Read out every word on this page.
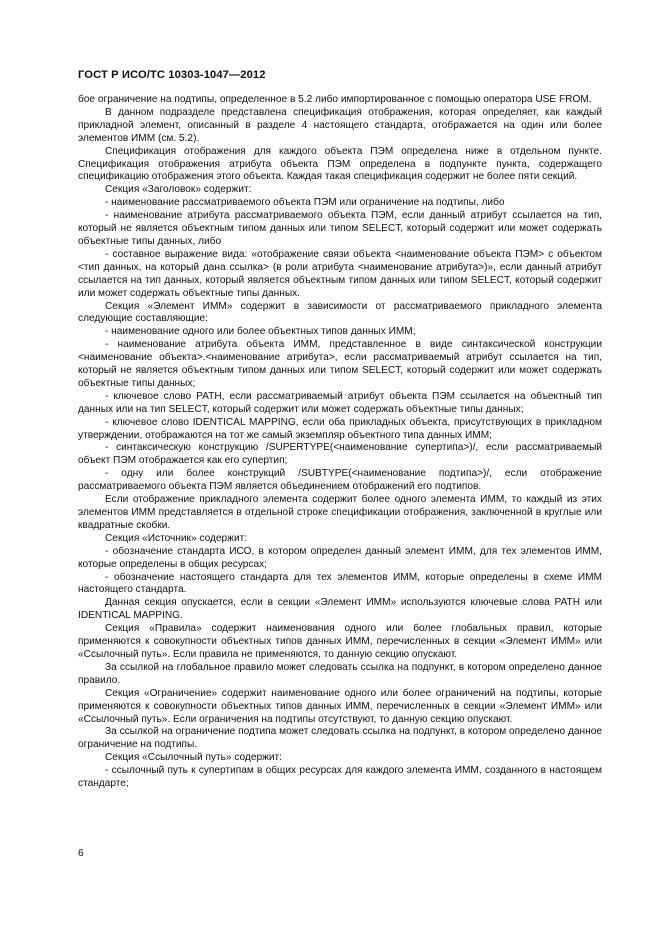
ГОСТ Р ИСО/ТС 10303-1047—2012

бое ограничение на подтипы, определенное в 5.2 либо импортированное с помощью оператора USE FROM.

В данном подразделе представлена спецификация отображения, которая определяет, как каждый прикладной элемент, описанный в разделе 4 настоящего стандарта, отображается на один или более элементов ИММ (см. 5.2).

Спецификация отображения для каждого объекта ПЭМ определена ниже в отдельном пункте. Спецификация отображения атрибута объекта ПЭМ определена в подпункте пункта, содержащего спецификацию отображения этого объекта. Каждая такая спецификация содержит не более пяти секций.

Секция «Заголовок» содержит:

- наименование рассматриваемого объекта ПЭМ или ограничение на подтипы, либо

- наименование атрибута рассматриваемого объекта ПЭМ, если данный атрибут ссылается на тип, который не является объектным типом данных или типом SELECT, который содержит или может содержать объектные типы данных, либо

- составное выражение вида: «отображение связи объекта <наименование объекта ПЭМ> с объектом <тип данных, на который дана ссылка> (в роли атрибута <наименование атрибута>)», если данный атрибут ссылается на тип данных, который является объектным типом данных или типом SELECT, который содержит или может содержать объектные типы данных.

Секция «Элемент ИММ» содержит в зависимости от рассматриваемого прикладного элемента следующие составляющие:

- наименование одного или более объектных типов данных ИММ;

- наименование атрибута объекта ИММ, представленное в виде синтаксической конструкции <наименование объекта>.<наименование атрибута>, если рассматриваемый атрибут ссылается на тип, который не является объектным типом данных или типом SELECT, который содержит или может содержать объектные типы данных;

- ключевое слово PATH, если рассматриваемый атрибут объекта ПЭМ ссылается на объектный тип данных или на тип SELECT, который содержит или может содержать объектные типы данных;

- ключевое слово IDENTICAL MAPPING, если оба прикладных объекта, присутствующих в прикладном утверждении, отображаются на тот же самый экземпляр объектного типа данных ИММ;

- синтаксическую конструкцию /SUPERTYPE(<наименование супертипа>)/, если рассматриваемый объект ПЭМ отображается как его супертип;

- одну или более конструкций /SUBTYPE(<наименование подтипа>)/, если отображение рассматриваемого объекта ПЭМ является объединением отображений его подтипов.

Если отображение прикладного элемента содержит более одного элемента ИММ, то каждый из этих элементов ИММ представляется в отдельной строке спецификации отображения, заключенной в круглые или квадратные скобки.

Секция «Источник» содержит:

- обозначение стандарта ИСО, в котором определен данный элемент ИММ, для тех элементов ИММ, которые определены в общих ресурсах;

- обозначение настоящего стандарта для тех элементов ИММ, которые определены в схеме ИММ настоящего стандарта.

Данная секция опускается, если в секции «Элемент ИММ» используются ключевые слова PATH или IDENTICAL MAPPING.

Секция «Правила» содержит наименования одного или более глобальных правил, которые применяются к совокупности объектных типов данных ИММ, перечисленных в секции «Элемент ИММ» или «Ссылочный путь». Если правила не применяются, то данную секцию опускают.

За ссылкой на глобальное правило может следовать ссылка на подпункт, в котором определено данное правило.

Секция «Ограничение» содержит наименование одного или более ограничений на подтипы, которые применяются к совокупности объектных типов данных ИММ, перечисленных в секции «Элемент ИММ» или «Ссылочный путь». Если ограничения на подтипы отсутствуют, то данную секцию опускают.

За ссылкой на ограничение подтипа может следовать ссылка на подпункт, в котором определено данное ограничение на подтипы.

Секция «Ссылочный путь» содержит:

- ссылочный путь к супертипам в общих ресурсах для каждого элемента ИММ, созданного в настоящем стандарте;

6
